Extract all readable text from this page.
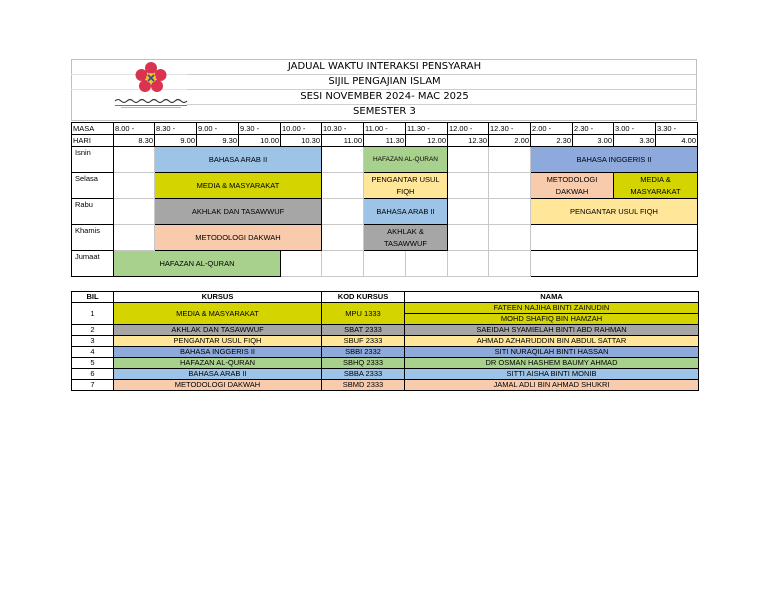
JADUAL WAKTU INTERAKSI PENSYARAH
SIJIL PENGAJIAN ISLAM
SESI NOVEMBER 2024- MAC 2025
SEMESTER 3
MASA	8.00 -	8.30 -	9.00 -	9.30 -	10.00 -	10.30 -	11.00 -	11.30 -	12.00 -	12.30 -	2.00 -	2.30 -	3.00 -	3.30 -
HARI	8.30	9.00	9.30	10.00	10.30	11.00	11.30	12.00	12.30	2.00	2.30	3.00	3.30	4.00
Isnin		BAHASA ARAB II					HAFAZAN AL-QURAN				BAHASA INGGERIS II			
Selasa		MEDIA & MASYARAKAT					PENGANTAR USUL FIQH				METODOLOGI DAKWAH		MEDIA & MASYARAKAT	
Rabu		AKHLAK DAN TASAWWUF					BAHASA ARAB II				PENGANTAR USUL FIQH			
Khamis		METODOLOGI DAKWAH					AKHLAK & TASAWWUF							
Jumaat	HAFAZAN AL-QURAN													
BIL	KURSUS	KOD KURSUS	NAMA
1	MEDIA & MASYARAKAT	MPU 1333	FATEEN NAJIHA BINTI ZAINUDIN
			MOHD SHAFIQ BIN HAMZAH
2	AKHLAK DAN TASAWWUF	SBAT 2333	SAEIDAH SYAMIELAH BINTI ABD RAHMAN
3	PENGANTAR USUL FIQH	SBUF 2333	AHMAD AZHARUDDIN BIN ABDUL SATTAR
4	BAHASA INGGERIS II	SBBI 2332	SITI NURAQILAH BINTI HASSAN
5	HAFAZAN AL-QURAN	SBHQ 2333	DR OSMAN HASHEM BAUMY AHMAD
6	BAHASA ARAB II	SBBA 2333	SITTI AISHA BINTI MONIB
7	METODOLOGI DAKWAH	SBMD 2333	JAMAL ADLI BIN AHMAD SHUKRI
